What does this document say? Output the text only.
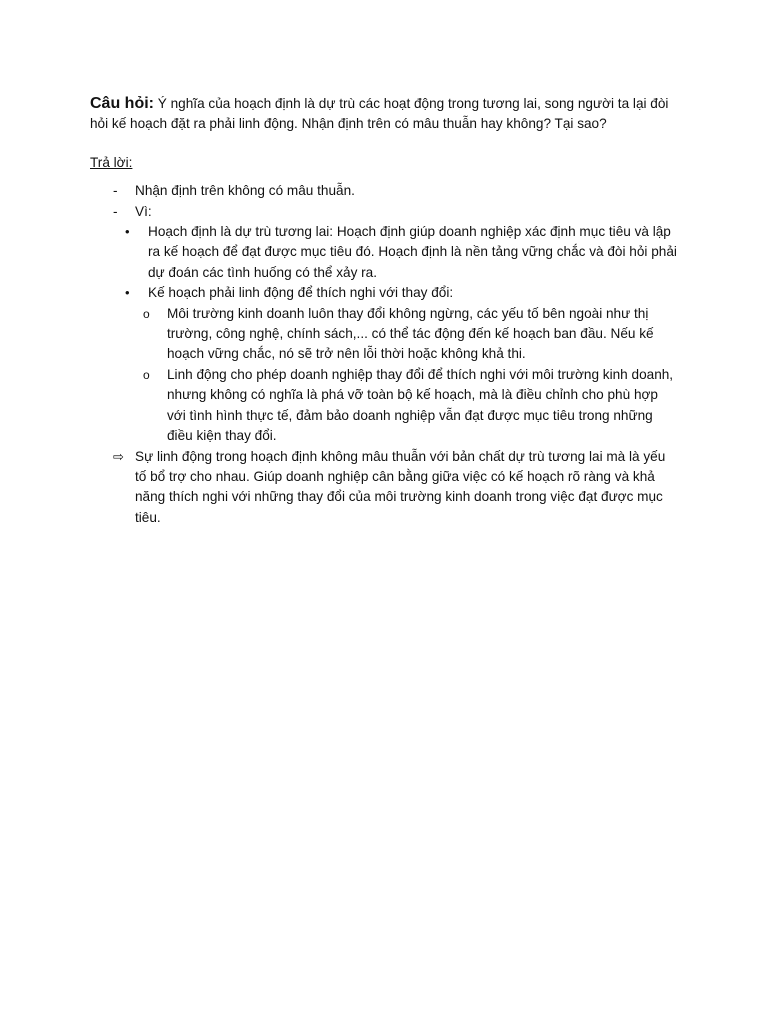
Câu hỏi: Ý nghĩa của hoạch định là dự trù các hoạt động trong tương lai, song người ta lại đòi hỏi kế hoạch đặt ra phải linh động. Nhận định trên có mâu thuẫn hay không? Tại sao?

Trả lời:
- Nhận định trên không có mâu thuẫn.
- Vì:
• Hoạch định là dự trù tương lai: Hoạch định giúp doanh nghiệp xác định mục tiêu và lập ra kế hoạch để đạt được mục tiêu đó. Hoạch định là nền tảng vững chắc và đòi hỏi phải dự đoán các tình huống có thể xảy ra.
• Kế hoạch phải linh động để thích nghi với thay đổi:
o Môi trường kinh doanh luôn thay đổi không ngừng, các yếu tố bên ngoài như thị trường, công nghệ, chính sách,... có thể tác động đến kế hoạch ban đầu. Nếu kế hoạch vững chắc, nó sẽ trở nên lỗi thời hoặc không khả thi.
o Linh động cho phép doanh nghiệp thay đổi để thích nghi với môi trường kinh doanh, nhưng không có nghĩa là phá vỡ toàn bộ kế hoạch, mà là điều chỉnh cho phù hợp với tình hình thực tế, đảm bảo doanh nghiệp vẫn đạt được mục tiêu trong những điều kiện thay đổi.
⇨ Sự linh động trong hoạch định không mâu thuẫn với bản chất dự trù tương lai mà là yếu tố bổ trợ cho nhau. Giúp doanh nghiệp cân bằng giữa việc có kế hoạch rõ ràng và khả năng thích nghi với những thay đổi của môi trường kinh doanh trong việc đạt được mục tiêu.
